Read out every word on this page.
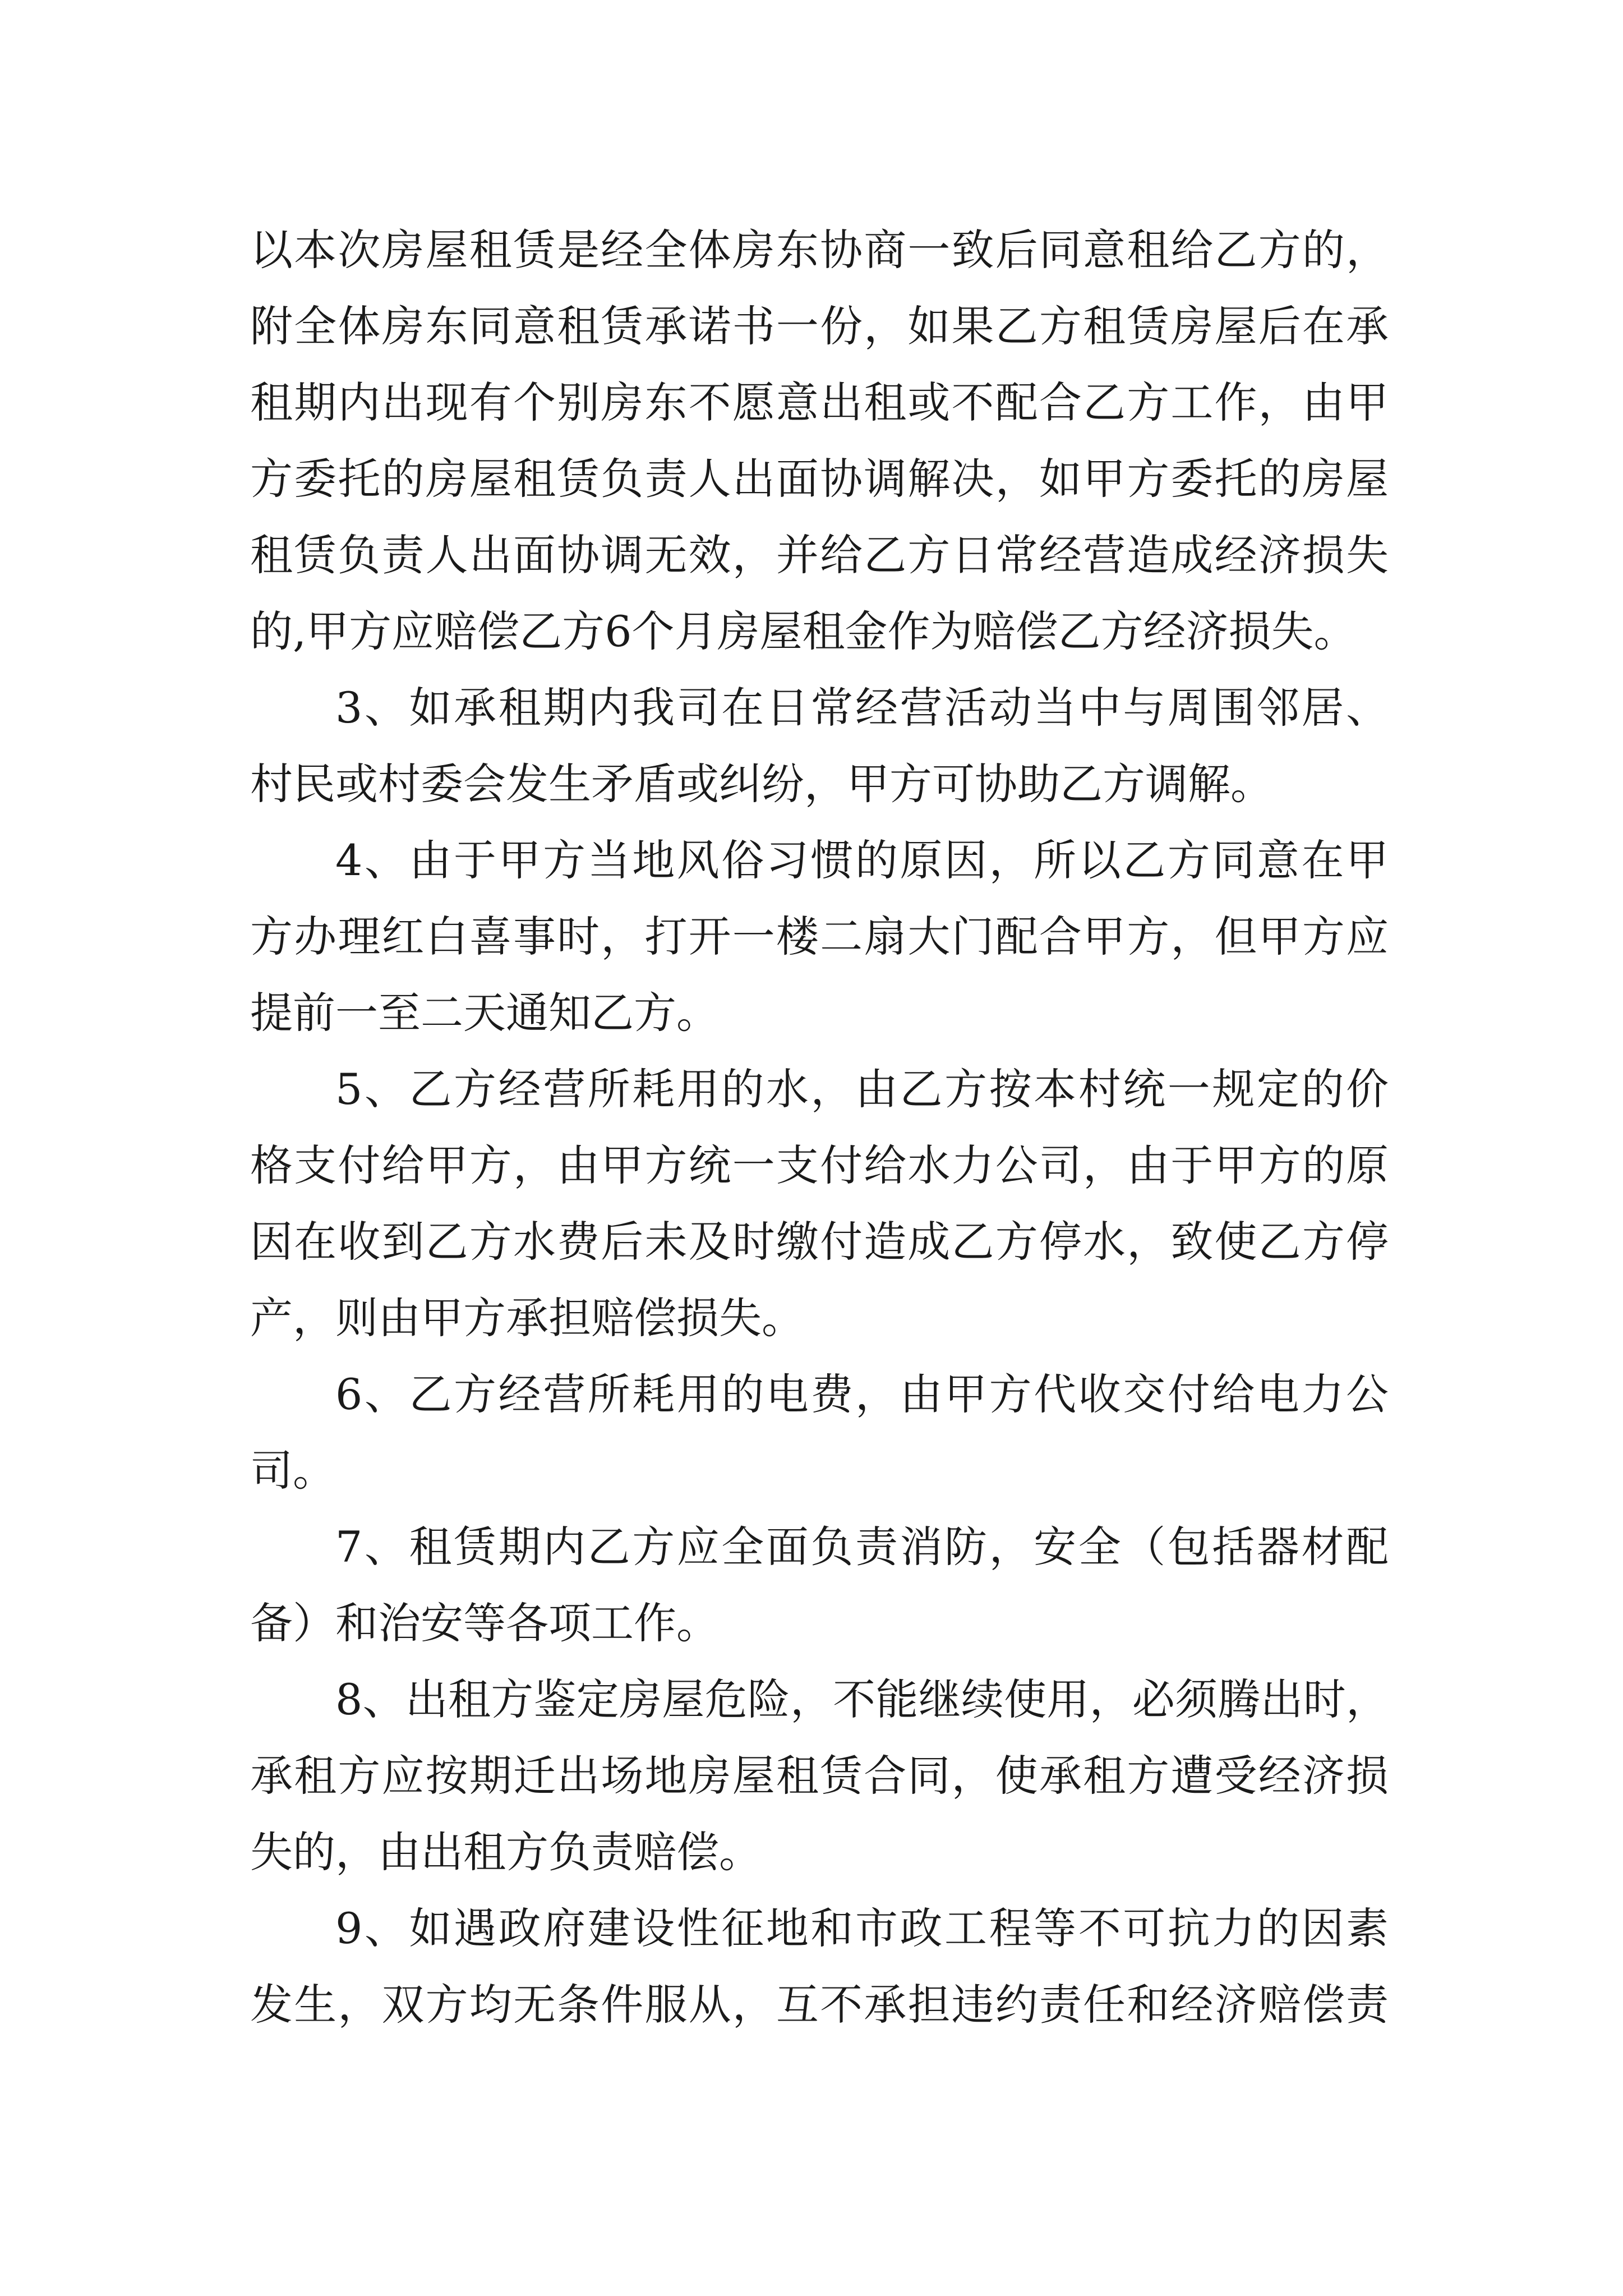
以本次房屋租赁是经全体房东协商一致后同意租给乙方的，
附全体房东同意租赁承诺书一份，如果乙方租赁房屋后在承
租期内出现有个别房东不愿意出租或不配合乙方工作，由甲
方委托的房屋租赁负责人出面协调解决，如甲方委托的房屋
租赁负责人出面协调无效，并给乙方日常经营造成经济损失
的,甲方应赔偿乙方6个月房屋租金作为赔偿乙方经济损失。
3、如承租期内我司在日常经营活动当中与周围邻居、
村民或村委会发生矛盾或纠纷，甲方可协助乙方调解。
4、由于甲方当地风俗习惯的原因，所以乙方同意在甲
方办理红白喜事时，打开一楼二扇大门配合甲方，但甲方应
提前一至二天通知乙方。
5、乙方经营所耗用的水，由乙方按本村统一规定的价
格支付给甲方，由甲方统一支付给水力公司，由于甲方的原
因在收到乙方水费后未及时缴付造成乙方停水，致使乙方停
产，则由甲方承担赔偿损失。
6、乙方经营所耗用的电费，由甲方代收交付给电力公
司。
7、租赁期内乙方应全面负责消防，安全（包括器材配
备）和治安等各项工作。
8、出租方鉴定房屋危险，不能继续使用，必须腾出时，
承租方应按期迁出场地房屋租赁合同，使承租方遭受经济损
失的，由出租方负责赔偿。
9、如遇政府建设性征地和市政工程等不可抗力的因素
发生，双方均无条件服从，互不承担违约责任和经济赔偿责
